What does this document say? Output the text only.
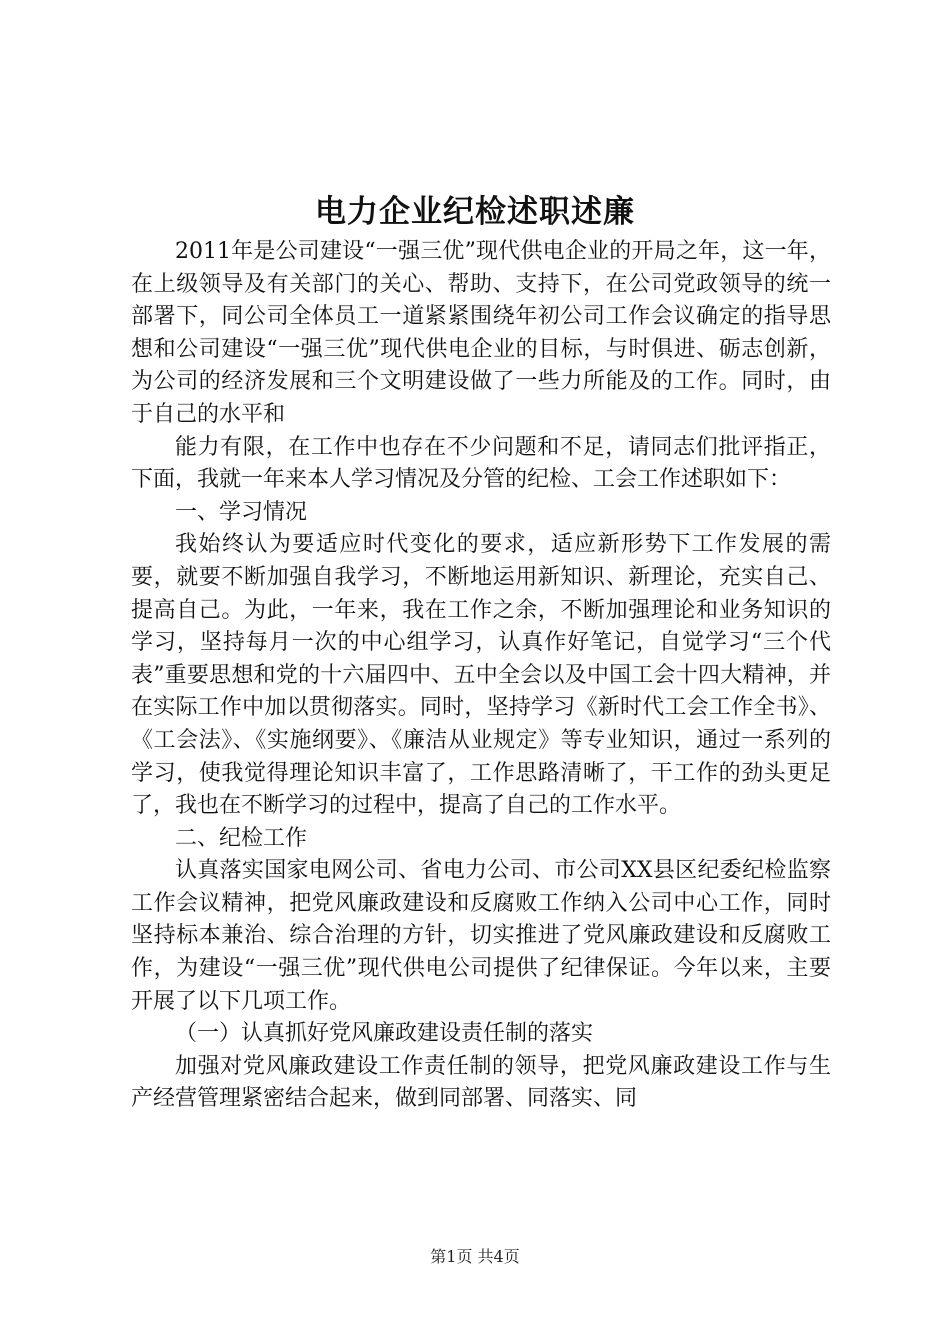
电力企业纪检述职述廉

2011年是公司建设“一强三优”现代供电企业的开局之年，这一年，在上级领导及有关部门的关心、帮助、支持下，在公司党政领导的统一部署下，同公司全体员工一道紧紧围绕年初公司工作会议确定的指导思想和公司建设“一强三优”现代供电企业的目标，与时俱进、砺志创新，为公司的经济发展和三个文明建设做了一些力所能及的工作。同时，由于自己的水平和

能力有限，在工作中也存在不少问题和不足，请同志们批评指正，下面，我就一年来本人学习情况及分管的纪检、工会工作述职如下：

一、学习情况

我始终认为要适应时代变化的要求，适应新形势下工作发展的需要，就要不断加强自我学习，不断地运用新知识、新理论，充实自己、提高自己。为此，一年来，我在工作之余，不断加强理论和业务知识的学习，坚持每月一次的中心组学习，认真作好笔记，自觉学习“三个代表”重要思想和党的十六届四中、五中全会以及中国工会十四大精神，并在实际工作中加以贯彻落实。同时，坚持学习《新时代工会工作全书》、《工会法》、《实施纲要》、《廉洁从业规定》等专业知识，通过一系列的学习，使我觉得理论知识丰富了，工作思路清晰了，干工作的劲头更足了，我也在不断学习的过程中，提高了自己的工作水平。

二、纪检工作

认真落实国家电网公司、省电力公司、市公司XX县区纪委纪检监察工作会议精神，把党风廉政建设和反腐败工作纳入公司中心工作，同时坚持标本兼治、综合治理的方针，切实推进了党风廉政建设和反腐败工作，为建设“一强三优”现代供电公司提供了纪律保证。今年以来，主要开展了以下几项工作。

（一）认真抓好党风廉政建设责任制的落实

加强对党风廉政建设工作责任制的领导，把党风廉政建设工作与生产经营管理紧密结合起来，做到同部署、同落实、同

第1页 共4页
